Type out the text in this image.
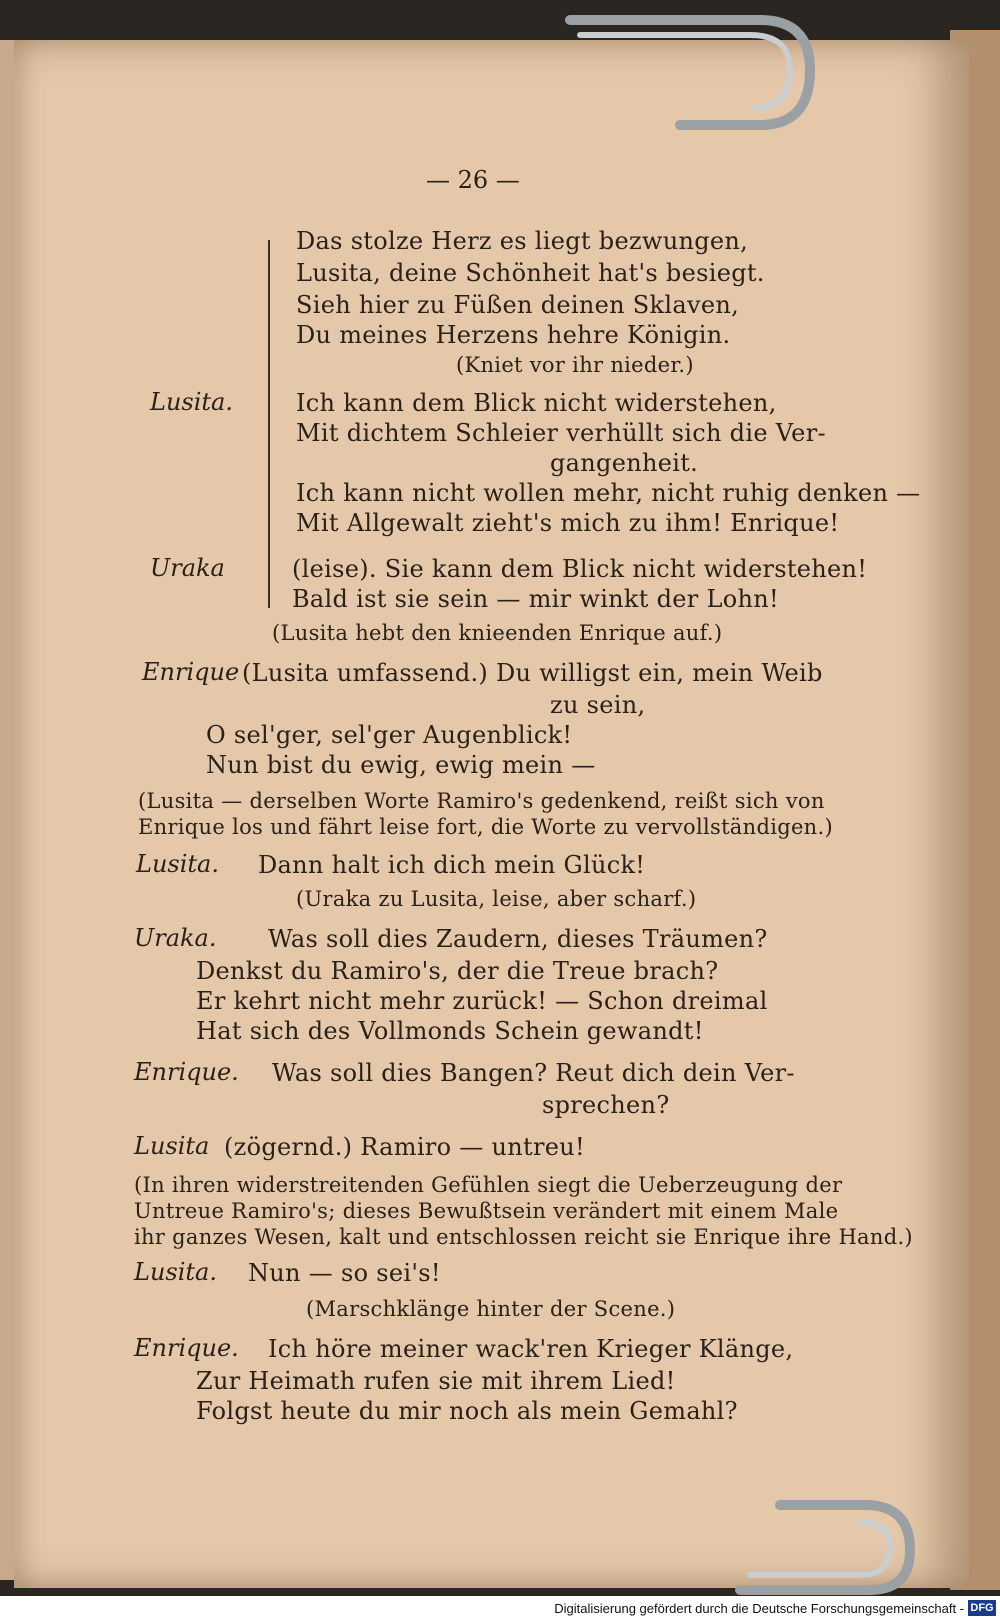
— 26 —
Das stolze Herz es liegt bezwungen,
Lusita, deine Schönheit hat's besiegt.
Sieh hier zu Füßen deinen Sklaven,
Du meines Herzens hehre Königin.
(Kniet vor ihr nieder.)
Lusita.	Ich kann dem Blick nicht widerstehen,
Mit dichtem Schleier verhüllt sich die Ver-
gangenheit.
Ich kann nicht wollen mehr, nicht ruhig denken —
Mit Allgewalt zieht's mich zu ihm! Enrique!
Uraka	(leise). Sie kann dem Blick nicht widerstehen!
Bald ist sie sein — mir winkt der Lohn!
(Lusita hebt den knieenden Enrique auf.)
Enrique (Lusita umfassend.) Du willigst ein, mein Weib
zu sein,
O sel'ger, sel'ger Augenblick!
Nun bist du ewig, ewig mein —
(Lusita — derselben Worte Ramiro's gedenkend, reißt sich von
Enrique los und fährt leise fort, die Worte zu vervollständigen.)
Lusita. Dann halt ich dich mein Glück!
(Uraka zu Lusita, leise, aber scharf.)
Uraka. Was soll dies Zaudern, dieses Träumen?
Denkst du Ramiro's, der die Treue brach?
Er kehrt nicht mehr zurück! — Schon dreimal
Hat sich des Vollmonds Schein gewandt!
Enrique. Was soll dies Bangen? Reut dich dein Ver-
sprechen?
Lusita (zögernd.) Ramiro — untreu!
(In ihren widerstreitenden Gefühlen siegt die Ueberzeugung der
Untreue Ramiro's; dieses Bewußtsein verändert mit einem Male
ihr ganzes Wesen, kalt und entschlossen reicht sie Enrique ihre Hand.)
Lusita. Nun — so sei's!
(Marschklänge hinter der Scene.)
Enrique. Ich höre meiner wack'ren Krieger Klänge,
Zur Heimath rufen sie mit ihrem Lied!
Folgst heute du mir noch als mein Gemahl?
Digitalisierung gefördert durch die Deutsche Forschungsgemeinschaft - DFG
